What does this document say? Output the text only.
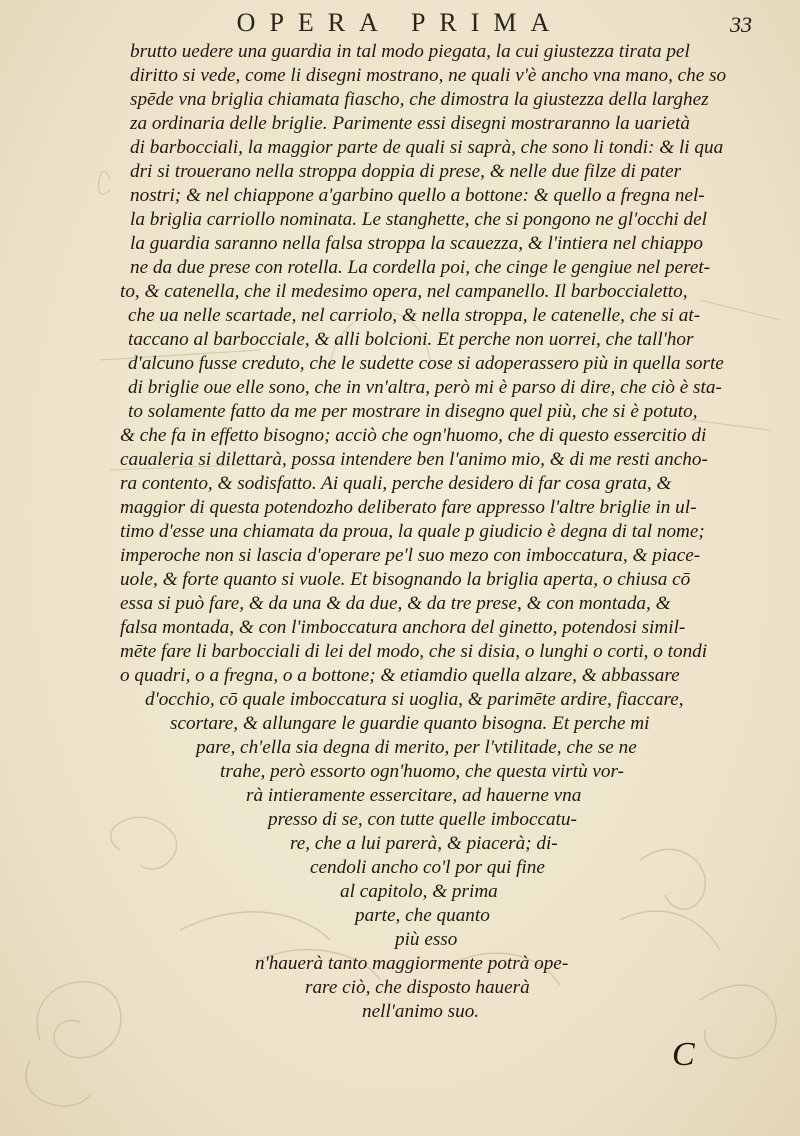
OPERA PRIMA	33
brutto uedere una guardia in tal modo piegata, la cui giustezza tirata pel
diritto si vede, come li disegni mostrano, ne quali v'è ancho vna mano, che so
spēde vna briglia chiamata fiascho, che dimostra la giustezza della larghez
za ordinaria delle briglie. Parimente essi disegni mostraranno la uarietà
di barbocciali, la maggior parte de quali si saprà, che sono li tondi: & li qua
dri si trouerano nella stroppa doppia di prese, & nelle due filze di pater
nostri; & nel chiappone a'garbino quello a bottone: & quello a fregna nel-
la briglia carriollo nominata. Le stanghette, che si pongono ne gl'occhi del
la guardia saranno nella falsa stroppa la scauezza, & l'intiera nel chiappo
ne da due prese con rotella. La cordella poi, che cinge le gengiue nel peret-
to, & catenella, che il medesimo opera, nel campanello. Il barboccialetto,
che ua nelle scartade, nel carriolo, & nella stroppa, le catenelle, che si at-
taccano al barbocciale, & alli bolcioni. Et perche non uorrei, che tall'hor
d'alcuno fusse creduto, che le sudette cose si adoperassero più in quella sorte
di briglie oue elle sono, che in vn'altra, però mi è parso di dire, che ciò è sta-
to solamente fatto da me per mostrare in disegno quel più, che si è potuto,
& che fa in effetto bisogno; acciò che ogn'huomo, che di questo essercitio di
caualeria si dilettarà, possa intendere ben l'animo mio, & di me resti ancho-
ra contento, & sodisfatto. Ai quali, perche desidero di far cosa grata, &
maggior di questa potendozho deliberato fare appresso l'altre briglie in ul-
timo d'esse una chiamata da proua, la quale p giudicio è degna di tal nome;
imperoche non si lascia d'operare pe'l suo mezo con imboccatura, & piace-
uole, & forte quanto si vuole. Et bisognando la briglia aperta, o chiusa cō
essa si può fare, & da una & da due, & da tre prese, & con montada, &
falsa montada, & con l'imboccatura anchora del ginetto, potendosi simil-
mēte fare li barbocciali di lei del modo, che si disia, o lunghi o corti, o tondi
o quadri, o a fregna, o a bottone; & etiamdio quella alzare, & abbassare
d'occhio, cō quale imboccatura si uoglia, & parimēte ardire, fiaccare,
scortare, & allungare le guardie quanto bisogna. Et perche mi
pare, ch'ella sia degna di merito, per l'vtilitade, che se ne
trahe, però essorto ogn'huomo, che questa virtù vor-
rà intieramente essercitare, ad hauerne vna
presso di se, con tutte quelle imboccatu-
re, che a lui parerà, & piacerà; di-
cendoli ancho co'l por qui fine
al capitolo, & prima
parte, che quanto
più esso
n'hauerà tanto maggiormente potrà ope-
rare ciò, che disposto hauerà
nell'animo suo.
C
